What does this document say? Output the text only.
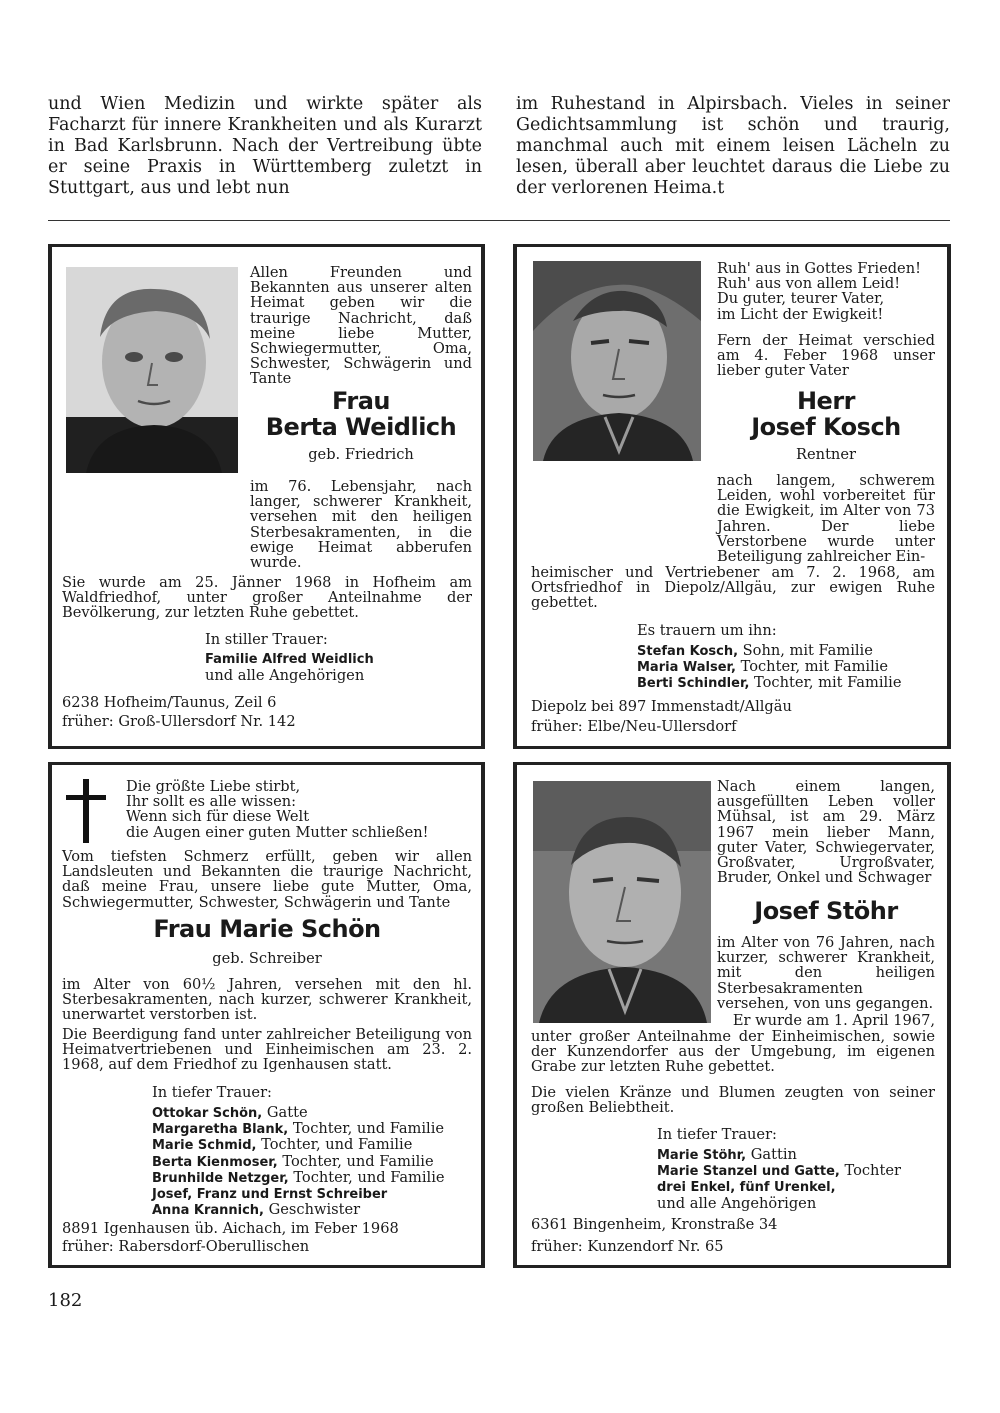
und Wien Medizin und wirkte später als Facharzt für innere Krankheiten und als Kurarzt in Bad Karlsbrunn. Nach der Vertreibung übte er seine Praxis in Württemberg zuletzt in Stuttgart, aus und lebt nun

im Ruhestand in Alpirsbach. Vieles in seiner Gedichtsammlung ist schön und traurig, manchmal auch mit einem leisen Lächeln zu lesen, überall aber leuchtet daraus die Liebe zu der verlorenen Heima.t

Allen Freunden und Bekannten aus unserer alten Heimat geben wir die traurige Nachricht, daß meine liebe Mutter, Schwiegermutter, Oma, Schwester, Schwägerin und Tante
Frau
Berta Weidlich
geb. Friedrich
im 76. Lebensjahr, nach langer, schwerer Krankheit, versehen mit den heiligen Sterbesakramenten, in die ewige Heimat abberufen wurde.
Sie wurde am 25. Jänner 1968 in Hofheim am Waldfriedhof, unter großer Anteilnahme der Bevölkerung, zur letzten Ruhe gebettet.
In stiller Trauer:
Familie Alfred Weidlich
und alle Angehörigen
6238 Hofheim/Taunus, Zeil 6
früher: Groß-Ullersdorf Nr. 142

Ruh' aus in Gottes Frieden!

Ruh' aus von allem Leid!

Du guter, teurer Vater,

im Licht der Ewigkeit!

Fern der Heimat verschied am 4. Feber 1968 unser lieber guter Vater
Herr
Josef Kosch
Rentner
nach langem, schwerem Leiden, wohl vorbereitet für die Ewigkeit, im Alter von 73 Jahren. Der liebe Verstorbene wurde unter Beteiligung zahlreicher Ein-
heimischer und Vertriebener am 7. 2. 1968, am Ortsfriedhof in Diepolz/Allgäu, zur ewigen Ruhe gebettet.
Es trauern um ihn:
Stefan Kosch, Sohn, mit Familie
Maria Walser, Tochter, mit Familie
Berti Schindler, Tochter, mit Familie
Diepolz bei 897 Immenstadt/Allgäu
früher: Elbe/Neu-Ullersdorf

Die größte Liebe stirbt,

Ihr sollt es alle wissen:

Wenn sich für diese Welt

die Augen einer guten Mutter schließen!

Vom tiefsten Schmerz erfüllt, geben wir allen Landsleuten und Bekannten die traurige Nachricht, daß meine Frau, unsere liebe gute Mutter, Oma, Schwiegermutter, Schwester, Schwägerin und Tante
Frau Marie Schön
geb. Schreiber
im Alter von 60½ Jahren, versehen mit den hl. Sterbesakramenten, nach kurzer, schwerer Krankheit, unerwartet verstorben ist.
Die Beerdigung fand unter zahlreicher Beteiligung von Heimatvertriebenen und Einheimischen am 23. 2. 1968, auf dem Friedhof zu Igenhausen statt.
In tiefer Trauer:
Ottokar Schön, Gatte
Margaretha Blank, Tochter, und Familie
Marie Schmid, Tochter, und Familie
Berta Kienmoser, Tochter, und Familie
Brunhilde Netzger, Tochter, und Familie
Josef, Franz und Ernst Schreiber
Anna Krannich, Geschwister
8891 Igenhausen üb. Aichach, im Feber 1968
früher: Rabersdorf-Oberullischen
Nach einem langen, ausgefüllten Leben voller Mühsal, ist am 29. März 1967 mein lieber Mann, guter Vater, Schwiegervater, Großvater, Urgroßvater, Bruder, Onkel und Schwager
Josef Stöhr
im Alter von 76 Jahren, nach kurzer, schwerer Krankheit, mit den heiligen Sterbesakramenten versehen, von uns gegangen.
Er wurde am 1. April 1967,
unter großer Anteilnahme der Einheimischen, sowie der Kunzendorfer aus der Umgebung, im eigenen Grabe zur letzten Ruhe gebettet.
Die vielen Kränze und Blumen zeugten von seiner großen Beliebtheit.
In tiefer Trauer:
Marie Stöhr, Gattin
Marie Stanzel und Gatte, Tochter
drei Enkel, fünf Urenkel,
und alle Angehörigen
6361 Bingenheim, Kronstraße 34
früher: Kunzendorf Nr. 65
182
